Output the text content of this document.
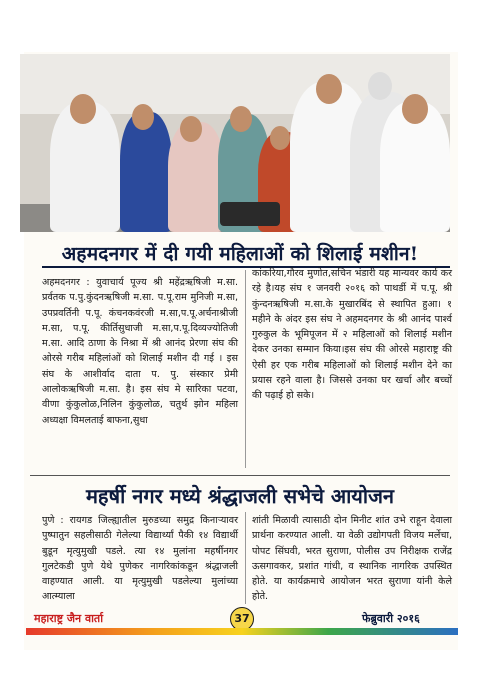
अहमदनगर में दी गयी महिलाओं को शिलाई मशीन!
अहमदनगर : युवाचार्य पूज्य श्री महेंद्रऋषिजी म.सा. प्रर्वतक प.पु.कुंदनऋषिजी म.सा. प.पू.राम मुनिजी म.सा, उपप्रवर्तिनी प.पू. कंचनकवंरजी म.सा,प.पू.अर्चनाश्रीजी म.सा, प.पू. कीर्तिसुधाजी म.सा,प.पू.दिव्यज्योतिजी म.सा. आदि ठाणा के निश्रा में श्री आनंद प्रेरणा संघ की ओरसे गरीब महिलांओं को शिलाई मशीन दी गई । इस संघ के आशीर्वाद दाता प. पु. संस्कार प्रेमी आलोकऋषिजी म.सा. है। इस संघ मे सारिका पटवा, वीणा कुंकुलोळ,निलिन कुंकुलोळ, चतुर्थ झोन महिला अध्यक्षा विमलताई बाफना,सुधा
कांकरिया,गौरव मुणोत,सचिन भंडारी यह मान्यवर कार्य कर रहे है।यह संघ १ जनवरी २०१६ को पाथर्डी में प.पू. श्री कुंन्दनऋषिजी म.सा.के मुखारबिंद से स्थापित हुआ। १ महीने के अंदर इस संघ ने अहमदनगर के श्री आनंद पार्श्व गुरुकुल के भूमिपूजन में २ महिलाओं को शिलाई मशीन देकर उनका सम्मान किया।इस संघ की ओरसे महाराष्ट्र की ऐसी हर एक गरीब महिलाओं को शिलाई मशीन देने का प्रयास रहने वाला है। जिससे उनका घर खर्चा और बच्चों की पढ़ाई हो सके।
महर्षी नगर मध्ये श्रंद्धाजली सभेचे आयोजन
पुणे : रायगड जिल्ह्यातील मुरुडच्या समुद्र किनाऱ्यावर पुष्पातुन सहलीसाठी गेलेल्या विद्यार्थ्यां पैकी १४ विद्यार्थी बुडून मृत्युमुखी पडले. त्या १४ मुलांना महर्षीनगर गुलटेकडी पुणे येथे पुणेकर नागरिकांकडून श्रंद्धाजली वाहण्यात आली. या मृत्युमुखी पडलेल्या मुलांच्या आत्म्याला
शांती मिळावी त्यासाठी दोन मिनीट शांत उभे राहून देवाला प्रार्थना करण्यात आली. या वेळी उद्योगपती विजय मर्लेचा, पोपट सिंघवी, भरत सुराणा, पोलीस उप निरीक्षक राजेंद्र ऊसगावकर, प्रशांत गांधी, व स्थानिक नागरिक उपस्थित होते. या कार्यक्रमाचे आयोजन भरत सुराणा यांनी केले होते.
महाराष्ट्र जैन वार्ता	37	फेब्रुवारी २०१६
